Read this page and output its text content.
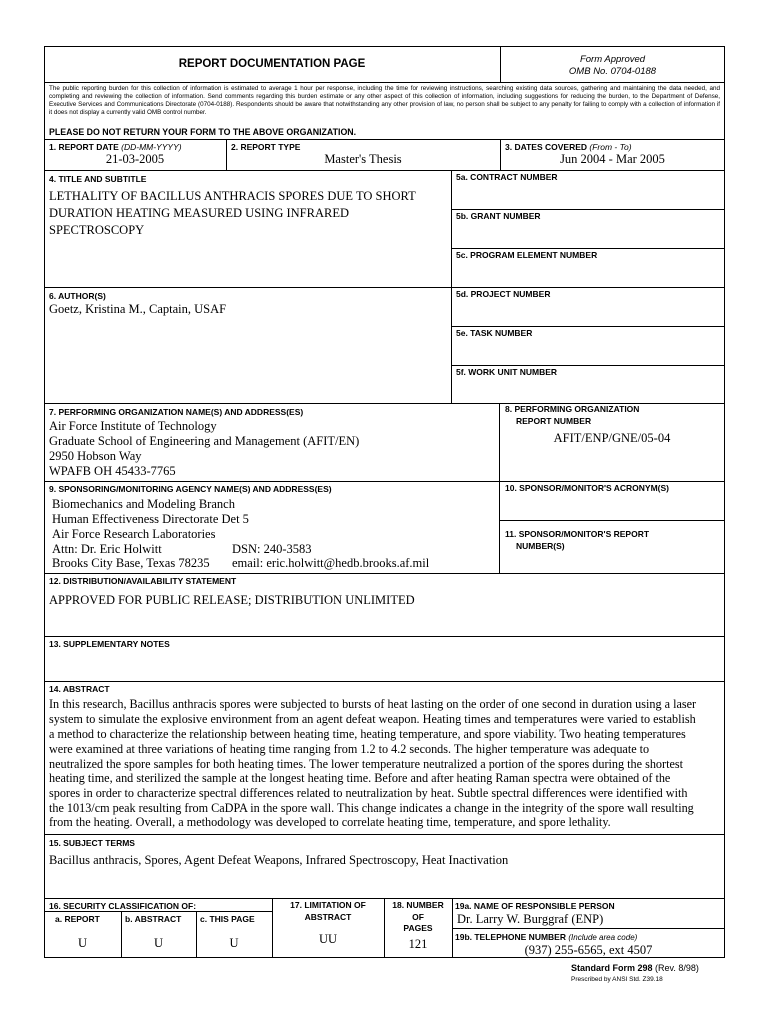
REPORT DOCUMENTATION PAGE	Form Approved
OMB No. 0704-0188
The public reporting burden for this collection of information is estimated to average 1 hour per response, including the time for reviewing instructions, searching existing data sources, gathering and maintaining the data needed, and completing and reviewing the collection of information. Send comments regarding this burden estimate or any other aspect of this collection of information, including suggestions for reducing the burden, to the Department of Defense, Executive Services and Communications Directorate (0704-0188). Respondents should be aware that notwithstanding any other provision of law, no person shall be subject to any penalty for failing to comply with a collection of information if it does not display a currently valid OMB control number.
PLEASE DO NOT RETURN YOUR FORM TO THE ABOVE ORGANIZATION.
1. REPORT DATE (DD-MM-YYYY)
21-03-2005
2. REPORT TYPE
Master's Thesis
3. DATES COVERED (From - To)
Jun 2004 - Mar 2005
4. TITLE AND SUBTITLE
LETHALITY OF BACILLUS ANTHRACIS SPORES DUE TO SHORT
DURATION HEATING MEASURED USING INFRARED
SPECTROSCOPY
5a. CONTRACT NUMBER
5b. GRANT NUMBER
5c. PROGRAM ELEMENT NUMBER
6. AUTHOR(S)
Goetz, Kristina M., Captain, USAF
5d. PROJECT NUMBER
5e. TASK NUMBER
5f. WORK UNIT NUMBER
7. PERFORMING ORGANIZATION NAME(S) AND ADDRESS(ES)
Air Force Institute of Technology
Graduate School of Engineering and Management (AFIT/EN)
2950 Hobson Way
WPAFB OH 45433-7765
8. PERFORMING ORGANIZATION
REPORT NUMBER
AFIT/ENP/GNE/05-04
9. SPONSORING/MONITORING AGENCY NAME(S) AND ADDRESS(ES)
Biomechanics and Modeling Branch
Human Effectiveness Directorate Det 5
Air Force Research Laboratories
Attn: Dr. Eric Holwitt
Brooks City Base, Texas 78235
DSN: 240-3583
email: eric.holwitt@hedb.brooks.af.mil
10. SPONSOR/MONITOR'S ACRONYM(S)
11. SPONSOR/MONITOR'S REPORT
NUMBER(S)
12. DISTRIBUTION/AVAILABILITY STATEMENT
APPROVED FOR PUBLIC RELEASE; DISTRIBUTION UNLIMITED
13. SUPPLEMENTARY NOTES
14. ABSTRACT
In this research, Bacillus anthracis spores were subjected to bursts of heat lasting on the order of one second in duration using a laser
system to simulate the explosive environment from an agent defeat weapon. Heating times and temperatures were varied to establish
a method to characterize the relationship between heating time, heating temperature, and spore viability. Two heating temperatures
were examined at three variations of heating time ranging from 1.2 to 4.2 seconds. The higher temperature was adequate to
neutralized the spore samples for both heating times. The lower temperature neutralized a portion of the spores during the shortest
heating time, and sterilized the sample at the longest heating time. Before and after heating Raman spectra were obtained of the
spores in order to characterize spectral differences related to neutralization by heat. Subtle spectral differences were identified with
the 1013/cm peak resulting from CaDPA in the spore wall. This change indicates a change in the integrity of the spore wall resulting
from the heating. Overall, a methodology was developed to correlate heating time, temperature, and spore lethality.
15. SUBJECT TERMS
Bacillus anthracis, Spores, Agent Defeat Weapons, Infrared Spectroscopy, Heat Inactivation
16. SECURITY CLASSIFICATION OF:
a. REPORT	b. ABSTRACT c. THIS PAGE
U	U	U
17. LIMITATION OF
ABSTRACT
UU
18. NUMBER
OF
PAGES
121
19a. NAME OF RESPONSIBLE PERSON
Dr. Larry W. Burggraf (ENP)
19b. TELEPHONE NUMBER (Include area code)
(937) 255-6565, ext 4507
Standard Form 298 (Rev. 8/98)
Prescribed by ANSI Std. Z39.18
